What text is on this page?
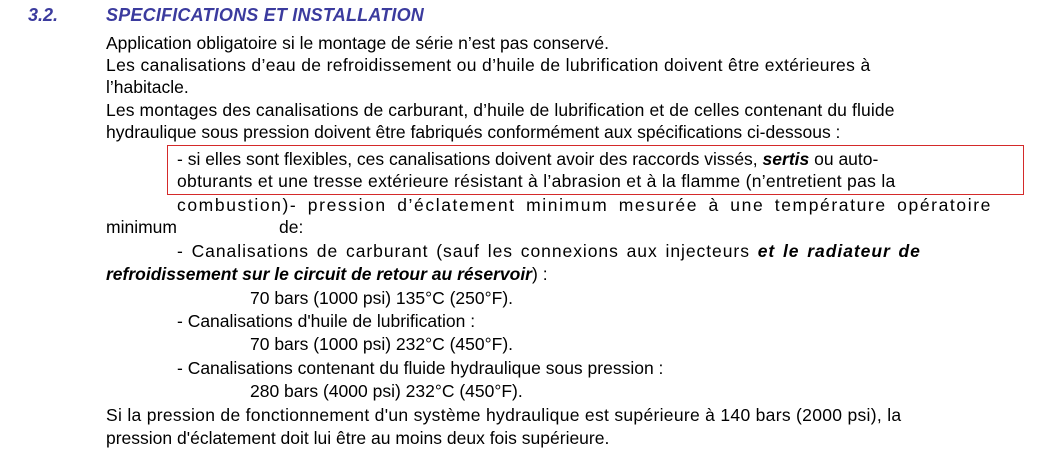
3.2.	SPECIFICATIONS ET INSTALLATION

Application obligatoire si le montage de série n’est pas conservé.

Les canalisations d’eau de refroidissement ou d’huile de lubrification doivent être extérieures à

l’habitacle.

Les montages des canalisations de carburant, d’huile de lubrification et de celles contenant du fluide

hydraulique sous pression doivent être fabriqués conformément aux spécifications ci-dessous :

- si elles sont flexibles, ces canalisations doivent avoir des raccords vissés, sertis ou auto-

obturants et une tresse extérieure résistant à l’abrasion et à la flamme (n’entretient pas la

combustion)- pression d’éclatement minimum mesurée à une température opératoire

minimum	de:

- Canalisations de carburant (sauf les connexions aux injecteurs et le radiateur de

refroidissement sur le circuit de retour au réservoir) :

70 bars (1000 psi) 135°C (250°F).

- Canalisations d'huile de lubrification :

70 bars (1000 psi) 232°C (450°F).

- Canalisations contenant du fluide hydraulique sous pression :

280 bars (4000 psi) 232°C (450°F).

Si la pression de fonctionnement d'un système hydraulique est supérieure à 140 bars (2000 psi), la

pression d'éclatement doit lui être au moins deux fois supérieure.
